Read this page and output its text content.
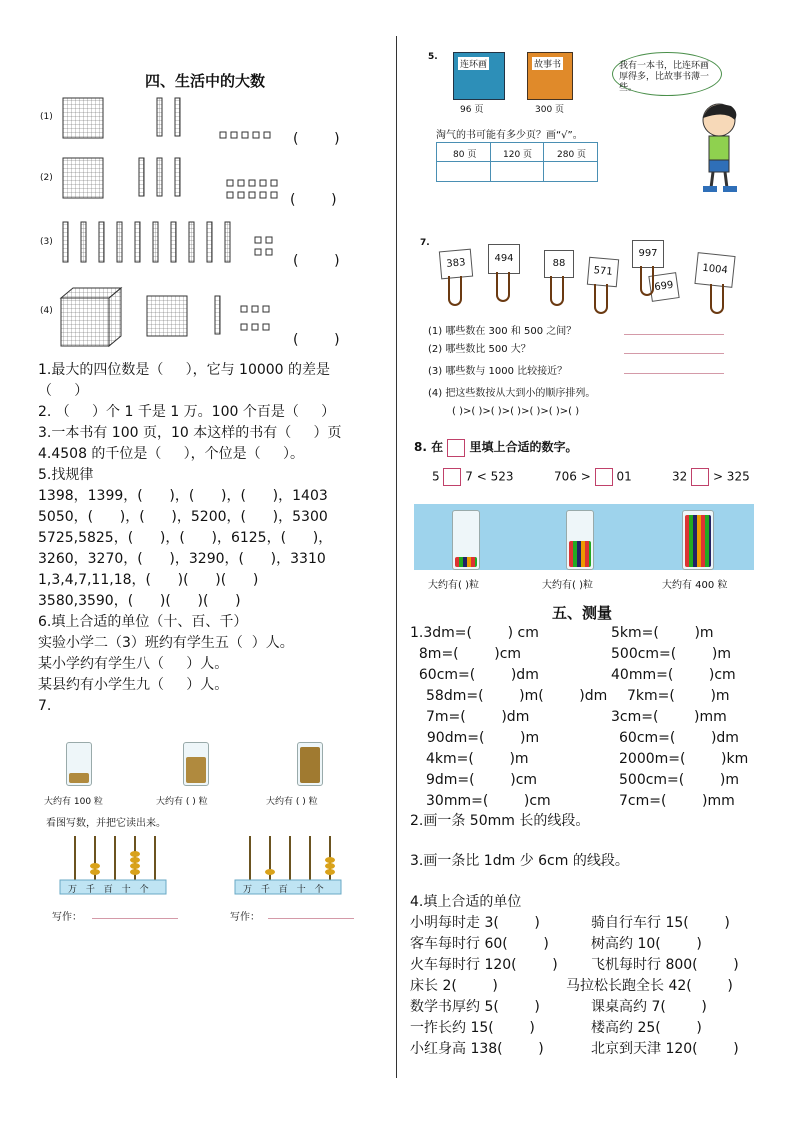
四、生活中的大数
(1)
(2)
(3)
(4)
(        )
(        )
(        )
(        )
1.最大的四位数是（     ），它与 10000 的差是
（     ）
2. （     ）个 1 千是 1 万。100 个百是（     ）
3.一本书有 100 页，10 本这样的书有（     ）页
4.4508 的千位是（     ），个位是（     ）。
5.找规律
1398，1399，(      )，(      )，(      )，1403
5050，(      )，(      )，5200，(      )，5300
5725,5825，(      )，(      )，6125，(      )，
3260，3270，(      )，3290，(      )，3310
1,3,4,7,11,18，(      )(      )(      )
3580,3590，(      )(      )(      )
6.填上合适的单位（十、百、千）
实验小学二（3）班约有学生五（  ）人。
某小学约有学生八（     ）人。
某县约有小学生九（     ）人。
7.
大约有 100 粒	大约有 ( ) 粒	大约有 ( ) 粒
看图写数，并把它读出来。
万 千 百 十 个	万 千 百 十 个
写作：	写作：
5.
连环画
96 页
故事书
300 页
我有一本书，比连环画厚得多，比故事书薄一些。
淘气的书可能有多少页？画“√”。
80 页	120 页	280 页
7.
383	494	88
571
997
699
1004
(1) 哪些数在 300 和 500 之间？
(2) 哪些数比 500 大？
(3) 哪些数与 1000 比较接近？
(4) 把这些数按从大到小的顺序排列。
( )>( )>( )>( )>( )>( )>( )
8. 在 里填上合适的数字。
5 7 < 523	706 > 01	32 > 325
大约有( )粒	大约有( )粒	大约有 400 粒
五、测量
1.3dm=(        ) cm	5km=(        )m
8m=(        )cm	500cm=(        )m
60cm=(        )dm	40mm=(        )cm
58dm=(        )m(        )dm 7km=(        )m
7m=(        )dm	3cm=(        )mm
90dm=(        )m	60cm=(        )dm
4km=(        )m	2000m=(        )km
9dm=(        )cm	500cm=(        )m
30mm=(        )cm	7cm=(        )mm
2.画一条 50mm 长的线段。
3.画一条比 1dm 少 6cm 的线段。
4.填上合适的单位
小明每时走 3(        )	骑自行车行 15(        )
客车每时行 60(        )	树高约 10(        )
火车每时行 120(        ) 飞机每时行 800(        )
床长 2(        )	马拉松长跑全长 42(        )
数学书厚约 5(        )	课桌高约 7(        )
一拃长约 15(        )	楼高约 25(        )
小红身高 138(        )	北京到天津 120(        )
